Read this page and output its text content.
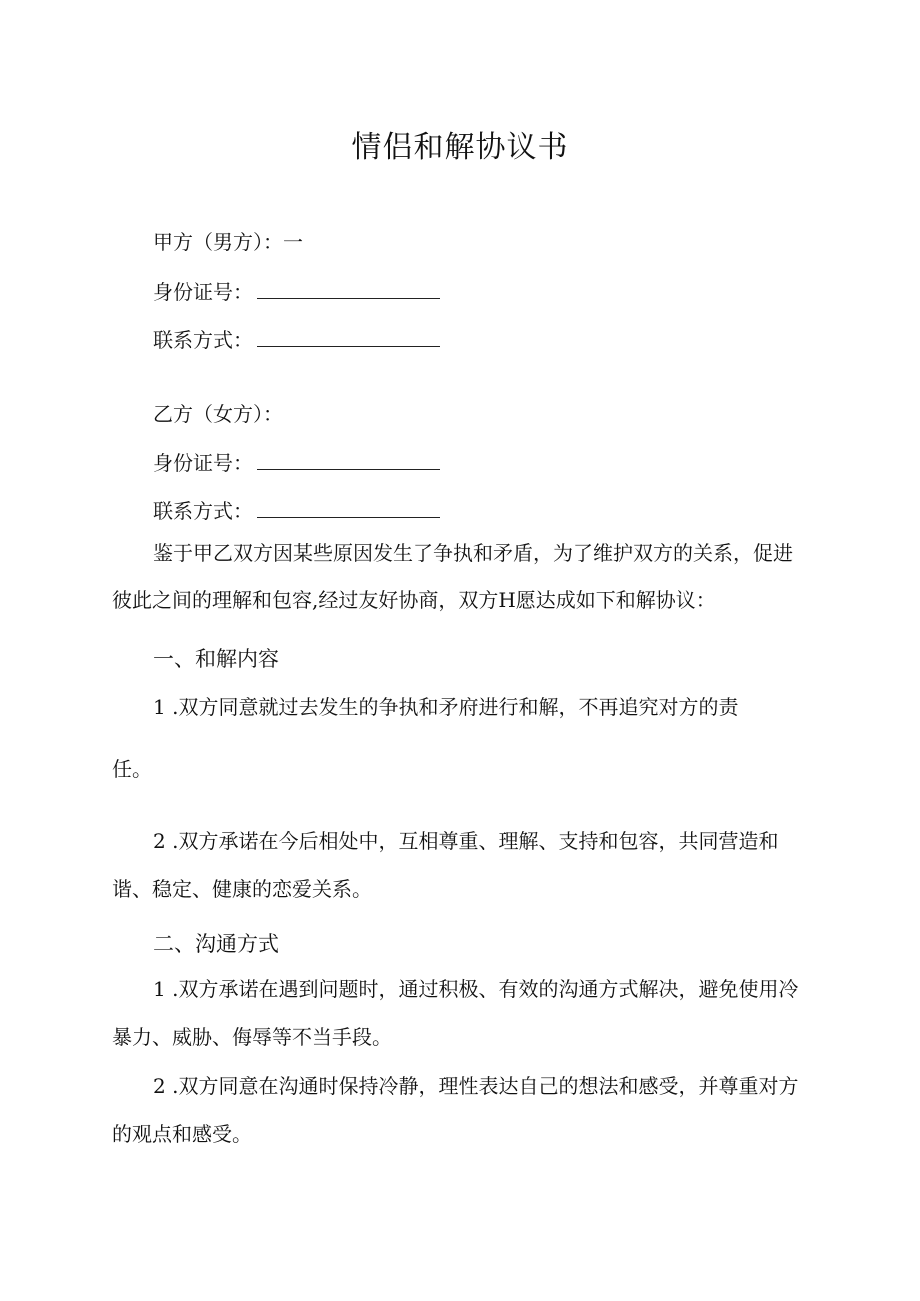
情侣和解协议书
甲方（男方）：一
身份证号：
联系方式：
乙方（女方）：
身份证号：
联系方式：
鉴于甲乙双方因某些原因发生了争执和矛盾，为了维护双方的关系，促进彼此之间的理解和包容,经过友好协商，双方H愿达成如下和解协议：
一、和解内容

1 .双方同意就过去发生的争执和矛府进行和解，不再追究对方的责

任。

2 .双方承诺在今后相处中，互相尊重、理解、支持和包容，共同营造和谐、稳定、健康的恋爱关系。

二、沟通方式

1 .双方承诺在遇到问题时，通过积极、有效的沟通方式解决，避免使用冷暴力、威胁、侮辱等不当手段。

2 .双方同意在沟通时保持冷静，理性表达自己的想法和感受，并尊重对方的观点和感受。
